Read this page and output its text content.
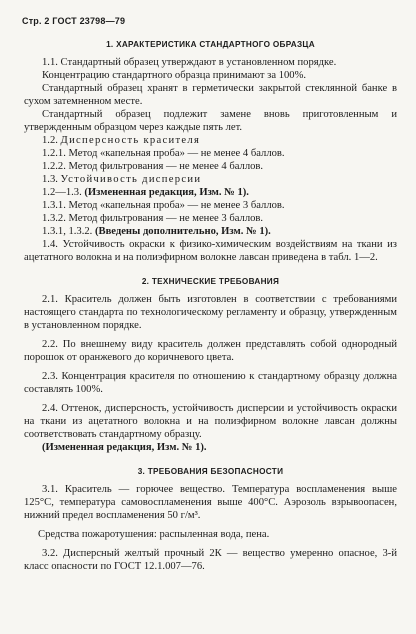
Стр. 2 ГОСТ 23798—79
1. ХАРАКТЕРИСТИКА СТАНДАРТНОГО ОБРАЗЦА

1.1. Стандартный образец утверждают в установленном порядке.

Концентрацию стандартного образца принимают за 100%.

Стандартный образец хранят в герметически закрытой стеклянной банке в сухом затемненном месте.

Стандартный образец подлежит замене вновь приготовленным и утвержденным образцом через каждые пять лет.

1.2. Дисперсность красителя

1.2.1. Метод «капельная проба» — не менее 4 баллов.

1.2.2. Метод фильтрования — не менее 4 баллов.

1.3. Устойчивость дисперсии

1.2—1.3. (Измененная редакция, Изм. № 1).

1.3.1. Метод «капельная проба» — не менее 3 баллов.

1.3.2. Метод фильтрования — не менее 3 баллов.

1.3.1, 1.3.2. (Введены дополнительно, Изм. № 1).

1.4. Устойчивость окраски к физико-химическим воздействиям на ткани из ацетатного волокна и на полиэфирном волокне лавсан приведена в табл. 1—2.

2. ТЕХНИЧЕСКИЕ ТРЕБОВАНИЯ

2.1. Краситель должен быть изготовлен в соответствии с требованиями настоящего стандарта по технологическому регламенту и образцу, утвержденным в установленном порядке.

2.2. По внешнему виду краситель должен представлять собой однородный порошок от оранжевого до коричневого цвета.

2.3. Концентрация красителя по отношению к стандартному образцу должна составлять 100%.

2.4. Оттенок, дисперсность, устойчивость дисперсии и устойчивость окраски на ткани из ацетатного волокна и на полиэфирном волокне лавсан должны соответствовать стандартному образцу.

(Измененная редакция, Изм. № 1).

3. ТРЕБОВАНИЯ БЕЗОПАСНОСТИ

3.1. Краситель — горючее вещество. Температура воспламенения выше 125°С, температура самовоспламенения выше 400°С. Аэрозоль взрывоопасен, нижний предел воспламенения 50 г/м³.

Средства пожаротушения: распыленная вода, пена.

3.2. Дисперсный желтый прочный 2К — вещество умеренно опасное, 3-й класс опасности по ГОСТ 12.1.007—76.
